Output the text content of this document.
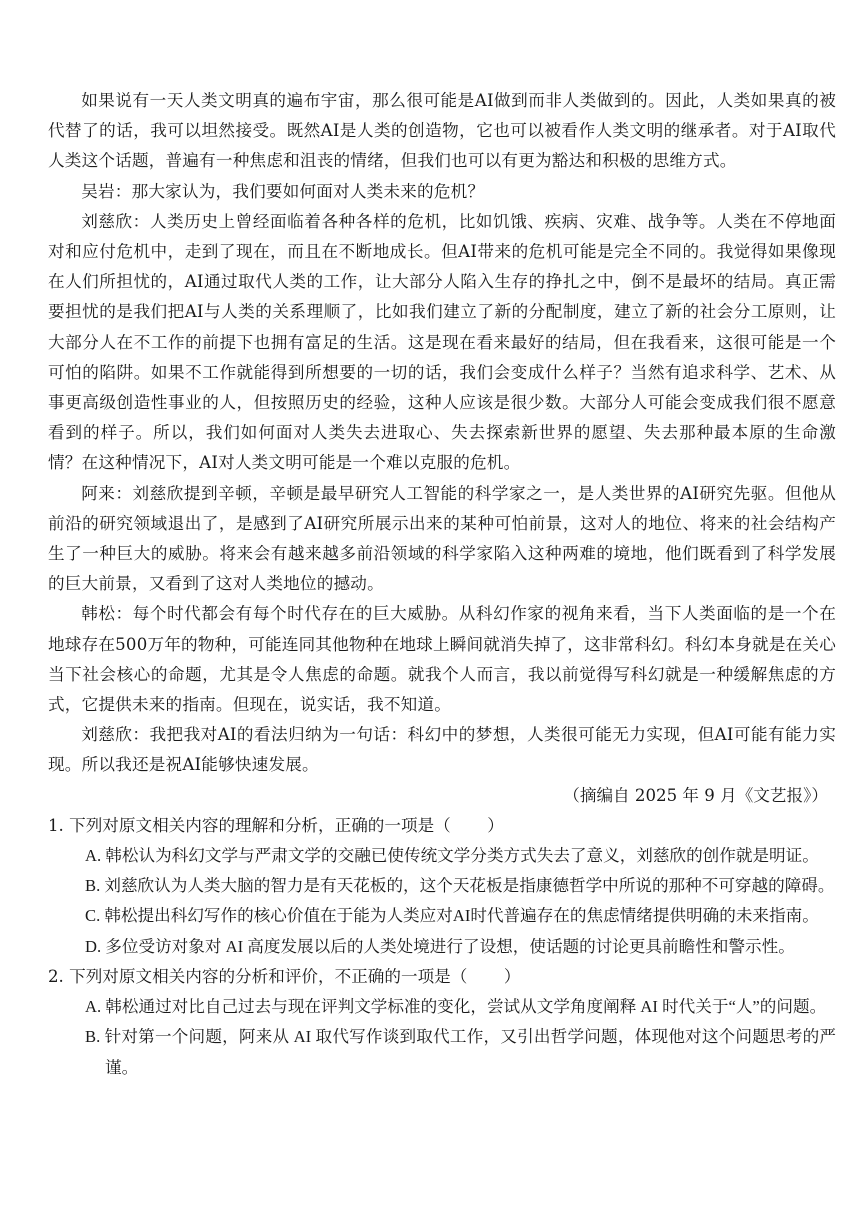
如果说有一天人类文明真的遍布宇宙，那么很可能是AI做到而非人类做到的。因此，人类如果真的被代替了的话，我可以坦然接受。既然AI是人类的创造物，它也可以被看作人类文明的继承者。对于AI取代人类这个话题，普遍有一种焦虑和沮丧的情绪，但我们也可以有更为豁达和积极的思维方式。

吴岩：那大家认为，我们要如何面对人类未来的危机？

刘慈欣：人类历史上曾经面临着各种各样的危机，比如饥饿、疾病、灾难、战争等。人类在不停地面对和应付危机中，走到了现在，而且在不断地成长。但AI带来的危机可能是完全不同的。我觉得如果像现在人们所担忧的，AI通过取代人类的工作，让大部分人陷入生存的挣扎之中，倒不是最坏的结局。真正需要担忧的是我们把AI与人类的关系理顺了，比如我们建立了新的分配制度，建立了新的社会分工原则，让大部分人在不工作的前提下也拥有富足的生活。这是现在看来最好的结局，但在我看来，这很可能是一个可怕的陷阱。如果不工作就能得到所想要的一切的话，我们会变成什么样子？当然有追求科学、艺术、从事更高级创造性事业的人，但按照历史的经验，这种人应该是很少数。大部分人可能会变成我们很不愿意看到的样子。所以，我们如何面对人类失去进取心、失去探索新世界的愿望、失去那种最本原的生命激情？在这种情况下，AI对人类文明可能是一个难以克服的危机。

阿来：刘慈欣提到辛顿，辛顿是最早研究人工智能的科学家之一，是人类世界的AI研究先驱。但他从前沿的研究领域退出了，是感到了AI研究所展示出来的某种可怕前景，这对人的地位、将来的社会结构产生了一种巨大的威胁。将来会有越来越多前沿领域的科学家陷入这种两难的境地，他们既看到了科学发展的巨大前景，又看到了这对人类地位的撼动。

韩松：每个时代都会有每个时代存在的巨大威胁。从科幻作家的视角来看，当下人类面临的是一个在地球存在500万年的物种，可能连同其他物种在地球上瞬间就消失掉了，这非常科幻。科幻本身就是在关心当下社会核心的命题，尤其是令人焦虑的命题。就我个人而言，我以前觉得写科幻就是一种缓解焦虑的方式，它提供未来的指南。但现在，说实话，我不知道。

刘慈欣：我把我对AI的看法归纳为一句话：科幻中的梦想，人类很可能无力实现，但AI可能有能力实现。所以我还是祝AI能够快速发展。

（摘编自 2025 年 9 月《文艺报》）

1. 下列对原文相关内容的理解和分析，正确的一项是（ ）

A. 韩松认为科幻文学与严肃文学的交融已使传统文学分类方式失去了意义，刘慈欣的创作就是明证。

B. 刘慈欣认为人类大脑的智力是有天花板的，这个天花板是指康德哲学中所说的那种不可穿越的障碍。

C. 韩松提出科幻写作的核心价值在于能为人类应对AI时代普遍存在的焦虑情绪提供明确的未来指南。

D. 多位受访对象对 AI 高度发展以后的人类处境进行了设想，使话题的讨论更具前瞻性和警示性。

2. 下列对原文相关内容的分析和评价，不正确的一项是（ ）

A. 韩松通过对比自己过去与现在评判文学标准的变化，尝试从文学角度阐释 AI 时代关于“人”的问题。

B. 针对第一个问题，阿来从 AI 取代写作谈到取代工作，又引出哲学问题，体现他对这个问题思考的严谨。
